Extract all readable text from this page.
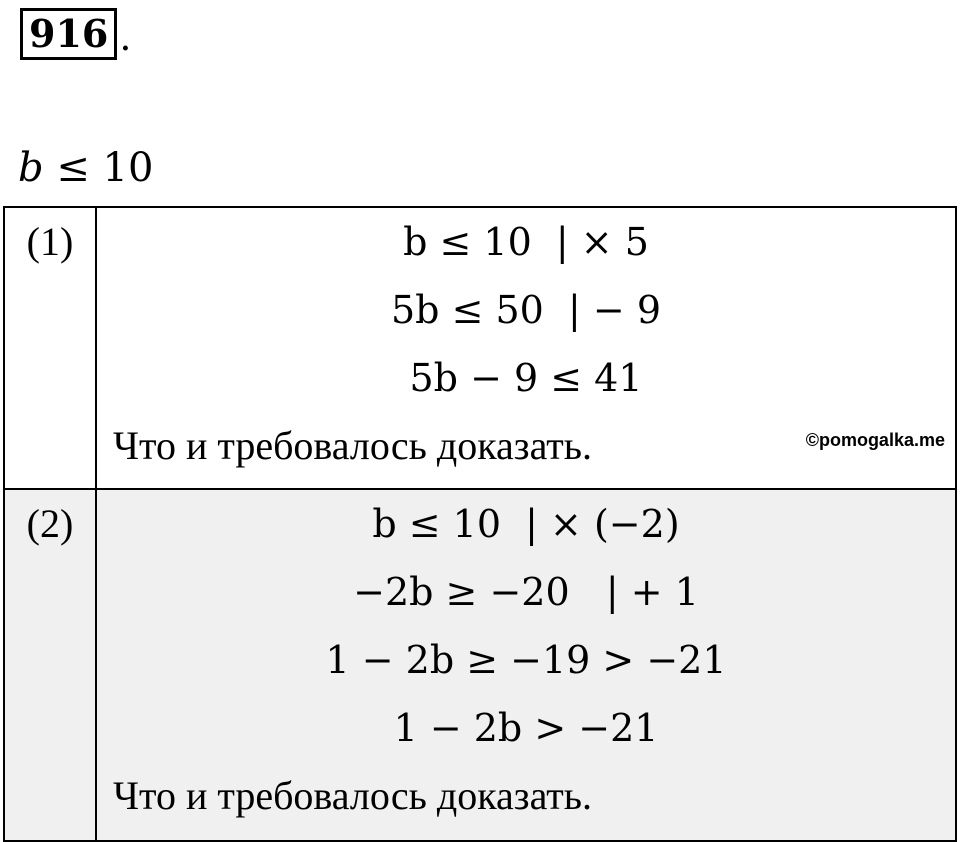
916 .
b ≤ 10
(1)	b ≤ 10  | × 5
5b ≤ 50  | − 9
5b − 9 ≤ 41
Что и требовалось доказать. ©pomogalka.me

(2)	b ≤ 10  | × (−2)
−2b ≥ −20   | + 1
1 − 2b ≥ −19 > −21
1 − 2b > −21
Что и требовалось доказать.
